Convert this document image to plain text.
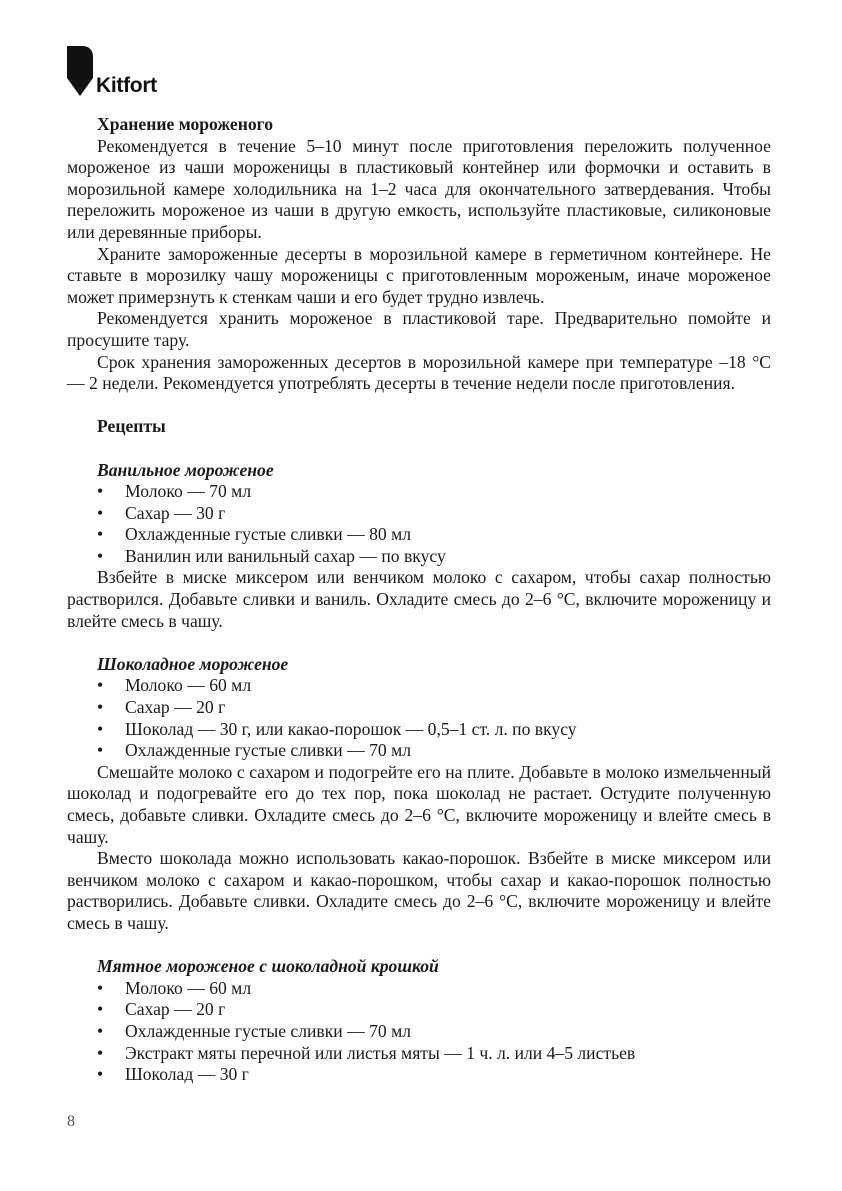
Kitfort
Хранение мороженого

Рекомендуется в течение 5–10 минут после приготовления переложить полученное мороженое из чаши мороженицы в пластиковый контейнер или формочки и оставить в морозильной камере холодильника на 1–2 часа для окончательного затвердевания. Чтобы переложить мороженое из чаши в другую емкость, используйте пластиковые, силиконовые или деревянные приборы.

Храните замороженные десерты в морозильной камере в герметичном контейнере. Не ставьте в морозилку чашу мороженицы с приготовленным мороженым, иначе мороженое может примерзнуть к стенкам чаши и его будет трудно извлечь.

Рекомендуется хранить мороженое в пластиковой таре. Предварительно помойте и просушите тару.

Срок хранения замороженных десертов в морозильной камере при температуре –18 °C — 2 недели. Рекомендуется употреблять десерты в течение недели после приготовления.

Рецепты
Ванильное мороженое
• Молоко — 70 мл
• Сахар — 30 г
• Охлажденные густые сливки — 80 мл
• Ванилин или ванильный сахар — по вкусу

Взбейте в миске миксером или венчиком молоко с сахаром, чтобы сахар полностью растворился. Добавьте сливки и ваниль. Охладите смесь до 2–6 °C, включите мороженицу и влейте смесь в чашу.

Шоколадное мороженое
• Молоко — 60 мл
• Сахар — 20 г
• Шоколад — 30 г, или какао-порошок — 0,5–1 ст. л. по вкусу
• Охлажденные густые сливки — 70 мл

Смешайте молоко с сахаром и подогрейте его на плите. Добавьте в молоко измельченный шоколад и подогревайте его до тех пор, пока шоколад не растает. Остудите полученную смесь, добавьте сливки. Охладите смесь до 2–6 °C, включите мороженицу и влейте смесь в чашу.

Вместо шоколада можно использовать какао-порошок. Взбейте в миске миксером или венчиком молоко с сахаром и какао-порошком, чтобы сахар и какао-порошок полностью растворились. Добавьте сливки. Охладите смесь до 2–6 °C, включите мороженицу и влейте смесь в чашу.

Мятное мороженое с шоколадной крошкой
• Молоко — 60 мл
• Сахар — 20 г
• Охлажденные густые сливки — 70 мл
• Экстракт мяты перечной или листья мяты — 1 ч. л. или 4–5 листьев
• Шоколад — 30 г
8
